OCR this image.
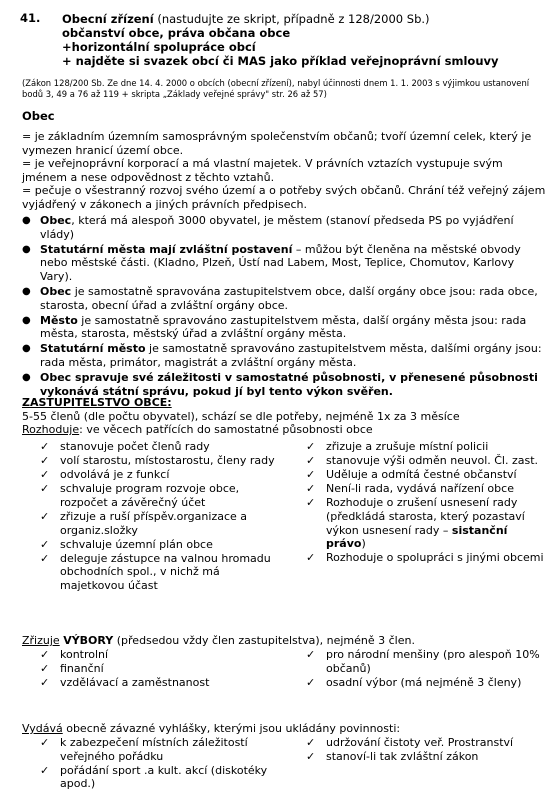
41. Obecní zřízení (nastudujte ze skript, případně z 128/2000 Sb.)
občanství obce, práva občana obce
+horizontální spolupráce obcí
+ najděte si svazek obcí či MAS jako příklad veřejnoprávní smlouvy
(Zákon 128/200 Sb. Ze dne 14. 4. 2000 o obcích (obecní zřízení), nabyl účinnosti dnem 1. 1. 2003 s výjimkou ustanovení bodů 3, 49 a 76 až 119 + skripta „Základy veřejné správy" str. 26 až 57)
Obec

= je základním územním samosprávným společenstvím občanů; tvoří územní celek, který je vymezen hranicí území obce.

= je veřejnoprávní korporací a má vlastní majetek. V právních vztazích vystupuje svým jménem a nese odpovědnost z těchto vztahů.

= pečuje o všestranný rozvoj svého území a o potřeby svých občanů. Chrání též veřejný zájem vyjádřený v zákonech a jiných právních předpisech.

● Obec, která má alespoň 3000 obyvatel, je městem (stanoví předseda PS po vyjádření vlády)
● Statutární města mají zvláštní postavení – můžou být členěna na městské obvody nebo městské části. (Kladno, Plzeň, Ústí nad Labem, Most, Teplice, Chomutov, Karlovy Vary).
● Obec je samostatně spravována zastupitelstvem obce, další orgány obce jsou: rada obce, starosta, obecní úřad a zvláštní orgány obce.
● Město je samostatně spravováno zastupitelstvem města, další orgány města jsou: rada města, starosta, městský úřad a zvláštní orgány města.
● Statutární město je samostatně spravováno zastupitelstvem města, dalšími orgány jsou: rada města, primátor, magistrát a zvláštní orgány města.
● Obec spravuje své záležitosti v samostatné působnosti, v přenesené působnosti vykonává státní správu, pokud jí byl tento výkon svěřen.

ZASTUPITELSTVO OBCE:

5-55 členů (dle počtu obyvatel), schází se dle potřeby, nejméně 1x za 3 měsíce

Rozhoduje: ve věcech patřících do samostatné působnosti obce

✓ stanovuje počet členů rady
✓ volí starostu, místostarostu, členy rady
✓ odvolává je z funkcí
✓ schvaluje program rozvoje obce, rozpočet a závěrečný účet
✓ zřizuje a ruší příspěv.organizace a organiz.složky
✓ schvaluje územní plán obce
✓ deleguje zástupce na valnou hromadu obchodních spol., v nichž má majetkovou účast
✓ zřizuje a zrušuje místní policii
✓ stanovuje výši odměn neuvol. Čl. zast.
✓ Uděluje a odmítá čestné občanství
✓ Není-li rada, vydává nařízení obce
✓ Rozhoduje o zrušení usnesení rady (předkládá starosta, který pozastaví výkon usnesení rady – sistanční právo)
✓ Rozhoduje o spolupráci s jinými obcemi
Zřizuje VÝBORY (předsedou vždy člen zastupitelstva), nejméně 3 člen.
✓ kontrolní
✓ finanční
✓ vzdělávací a zaměstnanost
✓ pro národní menšiny (pro alespoň 10% občanů)
✓ osadní výbor (má nejméně 3 členy)
Vydává obecně závazné vyhlášky, kterými jsou ukládány povinnosti:
✓ k zabezpečení místních záležitostí veřejného pořádku
✓ pořádání sport .a kult. akcí (diskotéky apod.)
✓ udržování čistoty veř. Prostranství
✓ stanoví-li tak zvláštní zákon
